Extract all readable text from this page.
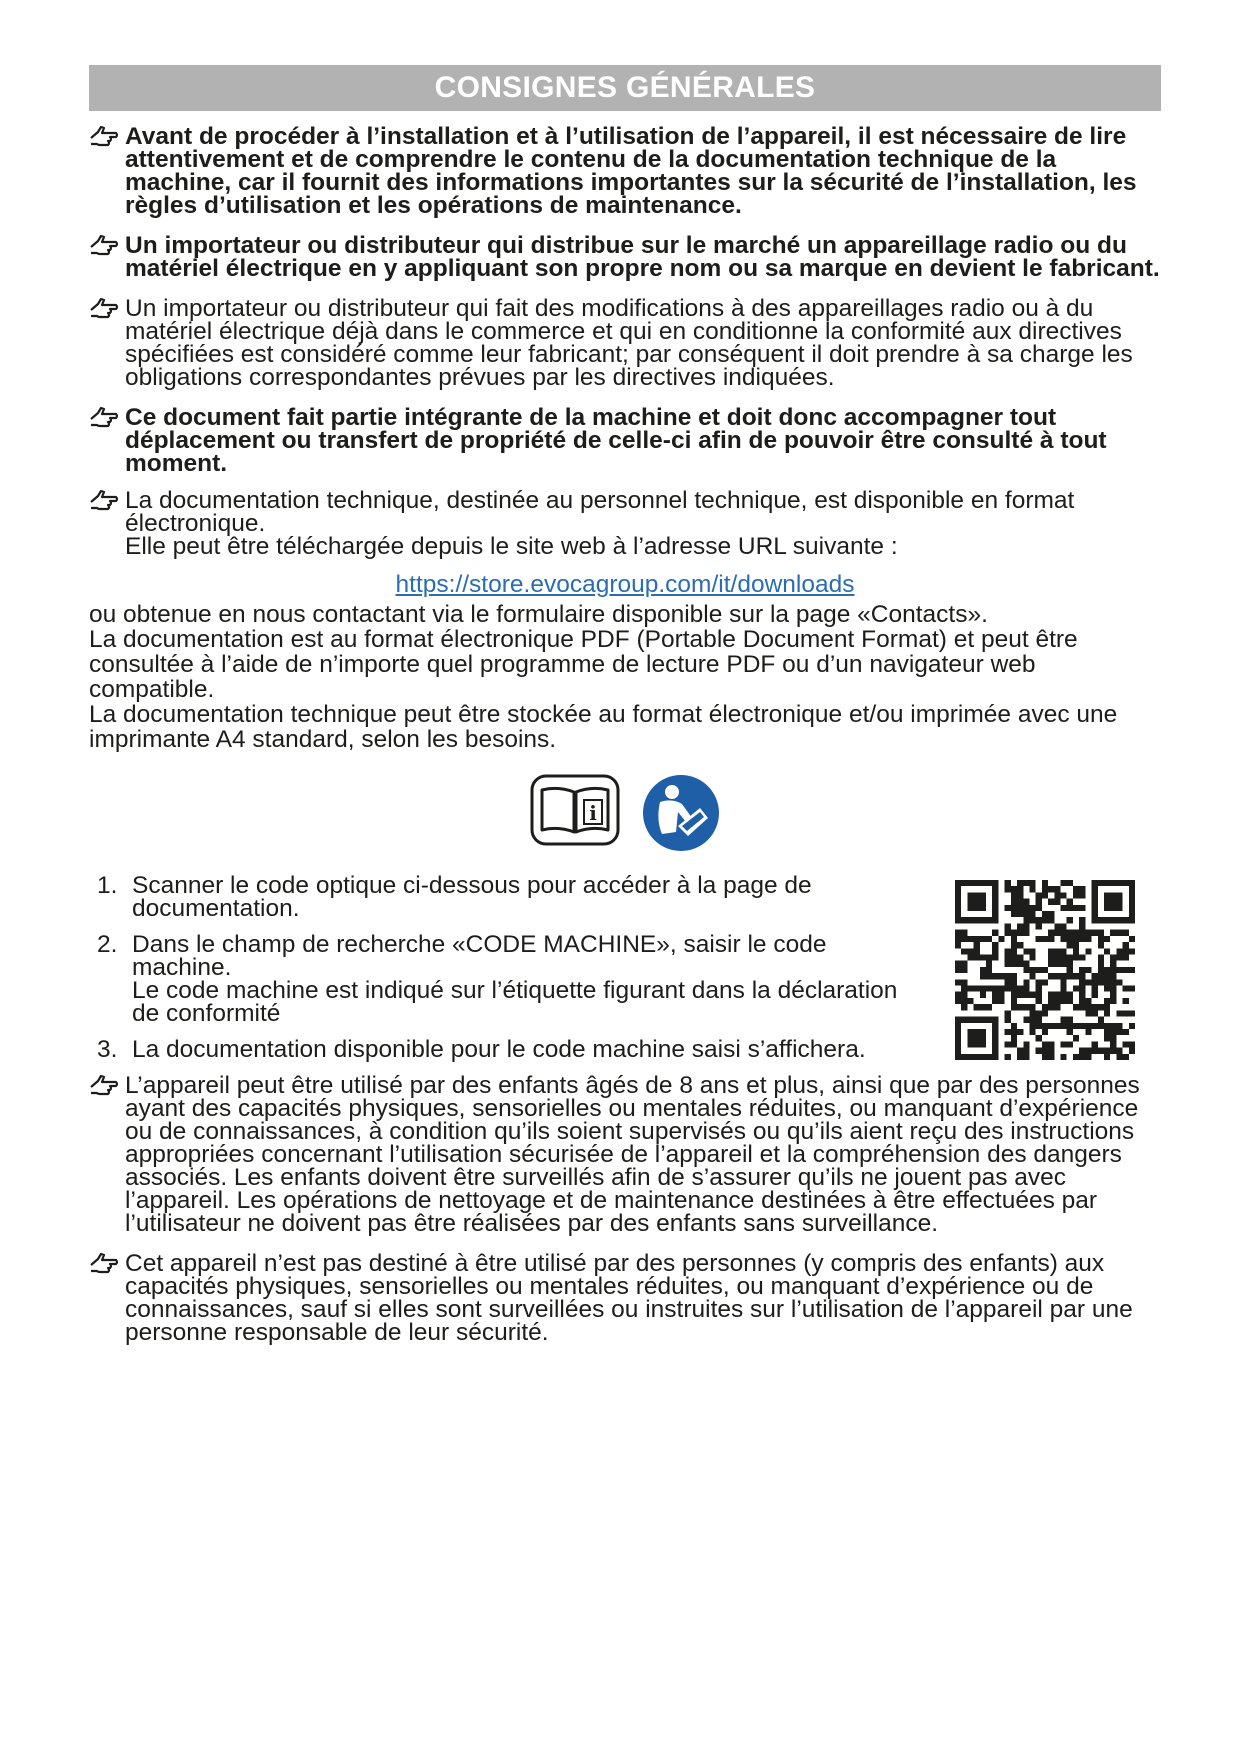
CONSIGNES GÉNÉRALES

Avant de procéder à l’installation et à l’utilisation de l’appareil, il est nécessaire de lire attentivement et de comprendre le contenu de la documentation technique de la machine, car il fournit des informations importantes sur la sécurité de l’installation, les règles d’utilisation et les opérations de maintenance.

Un importateur ou distributeur qui distribue sur le marché un appareillage radio ou du matériel électrique en y appliquant son propre nom ou sa marque en devient le fabricant.

Un importateur ou distributeur qui fait des modifications à des appareillages radio ou à du matériel électrique déjà dans le commerce et qui en conditionne la conformité aux directives spécifiées est considéré comme leur fabricant; par conséquent il doit prendre à sa charge les obligations correspondantes prévues par les directives indiquées.

Ce document fait partie intégrante de la machine et doit donc accompagner tout déplacement ou transfert de propriété de celle-ci afin de pouvoir être consulté à tout moment.

La documentation technique, destinée au personnel technique, est disponible en format électronique.

Elle peut être téléchargée depuis le site web à l’adresse URL suivante :

https://store.evocagroup.com/it/downloads

ou obtenue en nous contactant via le formulaire disponible sur la page «Contacts».

La documentation est au format électronique PDF (Portable Document Format) et peut être consultée à l’aide de n’importe quel programme de lecture PDF ou d’un navigateur web compatible.

La documentation technique peut être stockée au format électronique et/ou imprimée avec une imprimante A4 standard, selon les besoins.

i
1. Scanner le code optique ci-dessous pour accéder à la page de documentation.

2. Dans le champ de recherche «CODE MACHINE», saisir le code machine.

Le code machine est indiqué sur l’étiquette figurant dans la déclaration de conformité

3. La documentation disponible pour le code machine saisi s’affichera.

L’appareil peut être utilisé par des enfants âgés de 8 ans et plus, ainsi que par des personnes ayant des capacités physiques, sensorielles ou mentales réduites, ou manquant d’expérience ou de connaissances, à condition qu’ils soient supervisés ou qu’ils aient reçu des instructions appropriées concernant l’utilisation sécurisée de l’appareil et la compréhension des dangers associés. Les enfants doivent être surveillés afin de s’assurer qu’ils ne jouent pas avec l’appareil. Les opérations de nettoyage et de maintenance destinées à être effectuées par l’utilisateur ne doivent pas être réalisées par des enfants sans surveillance.

Cet appareil n’est pas destiné à être utilisé par des personnes (y compris des enfants) aux capacités physiques, sensorielles ou mentales réduites, ou manquant d’expérience ou de connaissances, sauf si elles sont surveillées ou instruites sur l’utilisation de l’appareil par une personne responsable de leur sécurité.
